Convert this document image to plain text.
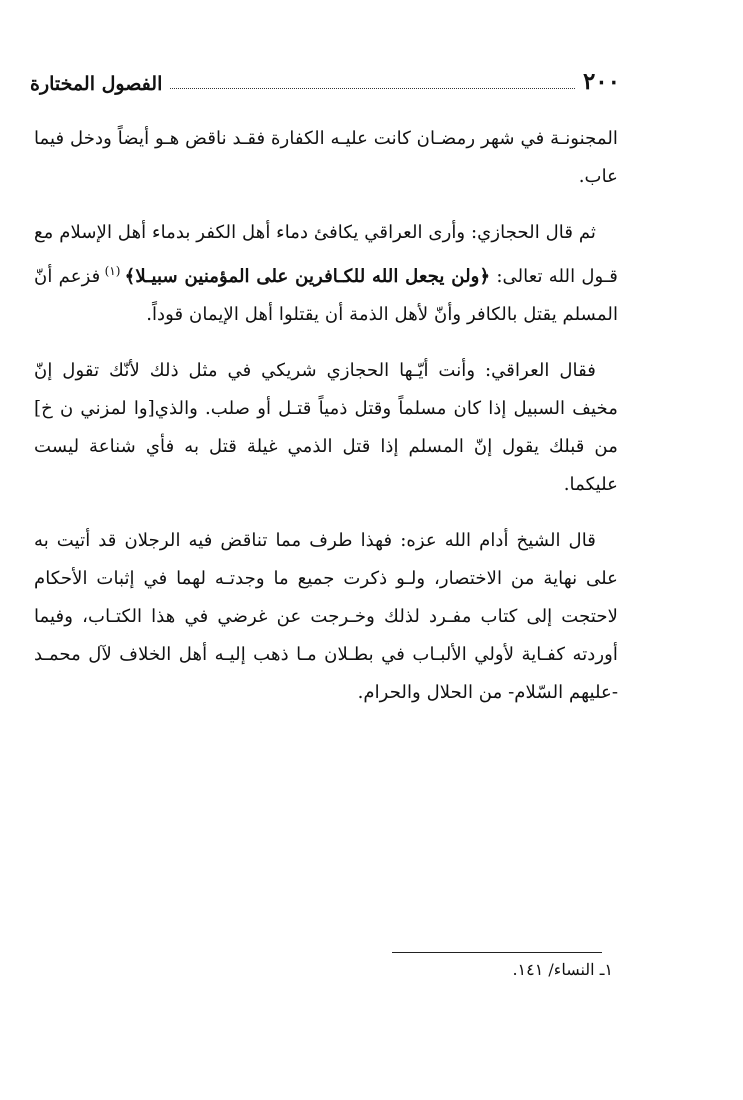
٢٠٠
الفصول المختارة

المجنونـة في شهر رمضـان كانت عليـه الكفارة فقـد ناقض هـو أيضاً ودخل فيما عاب.

ثم قال الحجازي: وأرى العراقي يكافئ دماء أهل الكفر بدماء أهل الإسلام مع قـول الله تعالى: ﴿ولن يجعل الله للكـافرين على المؤمنين سبيـلا﴾ $^{(١)}$ فزعم أنّ المسلم يقتل بالكافر وأنّ لأهل الذمة أن يقتلوا أهل الإيمان قوداً.

فقال العراقي: وأنت أيّـها الحجازي شريكي في مثل ذلك لأنّك تقول إنّ مخيف السبيل إذا كان مسلماً وقتل ذمياً قتـل أو صلب. والذي[وا لمزني ن خ] من قبلك يقول إنّ المسلم إذا قتل الذمي غيلة قتل به فأي شناعة ليست عليكما.

قال الشيخ أدام الله عزه: فهذا طرف مما تناقض فيه الرجلان قد أتيت به على نهاية من الاختصار، ولـو ذكرت جميع ما وجدتـه لهما في إثبات الأحكام لاحتجت إلى كتاب مفـرد لذلك وخـرجت عن غرضي في هذا الكتـاب، وفيما أوردته كفـاية لأولي الألبـاب في بطـلان مـا ذهب إليـه أهل الخلاف لآل محمـد -عليهم السّلام- من الحلال والحرام.

١ـ النساء/ ١٤١.
